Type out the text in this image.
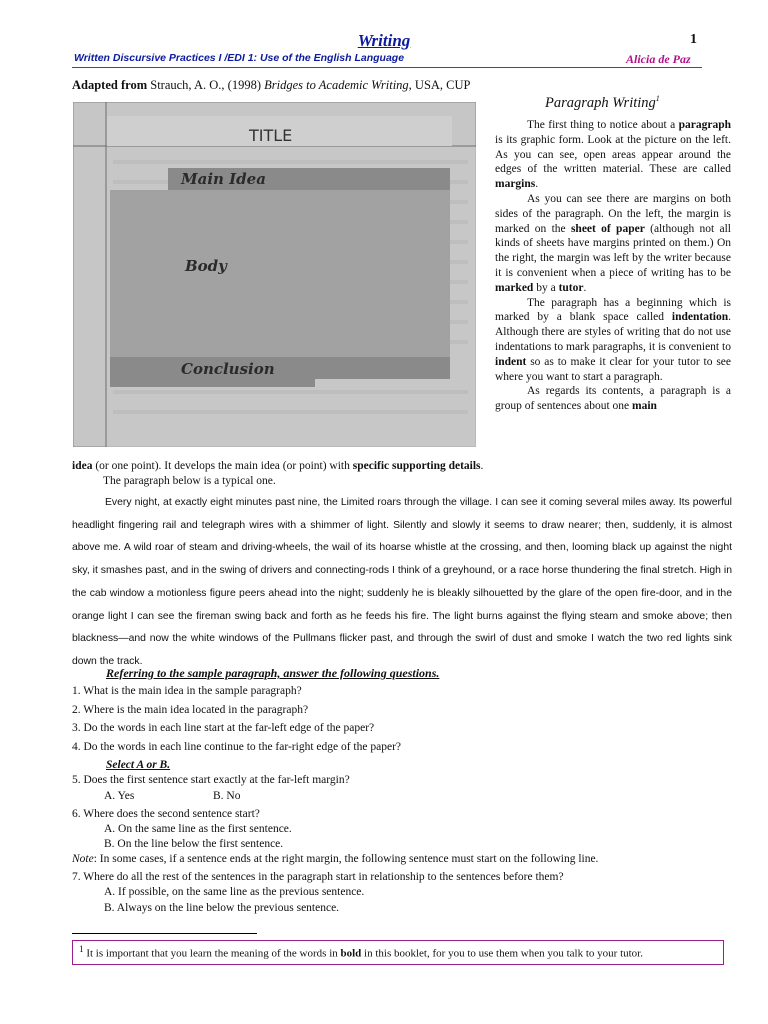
Writing	1
Written Discursive Practices I /EDI 1: Use of the English Language	Alicia de Paz
Adapted from Strauch, A. O., (1998) Bridges to Academic Writing, USA, CUP
TITLE
Main Idea
Body
Conclusion
Paragraph Writing$^1$

The first thing to notice about a paragraph is its graphic form. Look at the picture on the left. As you can see, open areas appear around the edges of the written material. These are called margins.

As you can see there are margins on both sides of the paragraph. On the left, the margin is marked on the sheet of paper (although not all kinds of sheets have margins printed on them.) On the right, the margin was left by the writer because it is convenient when a piece of writing has to be marked by a tutor.

The paragraph has a beginning which is marked by a blank space called indentation. Although there are styles of writing that do not use indentations to mark paragraphs, it is convenient to indent so as to make it clear for your tutor to see where you want to start a paragraph.

As regards its contents, a paragraph is a group of sentences about one main

idea (or one point). It develops the main idea (or point) with specific supporting details.
The paragraph below is a typical one.
Every night, at exactly eight minutes past nine, the Limited roars through the village. I can see it coming several miles away. Its powerful headlight fingering rail and telegraph wires with a shimmer of light. Silently and slowly it seems to draw nearer; then, suddenly, it is almost above me. A wild roar of steam and driving-wheels, the wail of its hoarse whistle at the crossing, and then, looming black up against the night sky, it smashes past, and in the swing of drivers and connecting-rods I think of a greyhound, or a race horse thundering the final stretch. High in the cab window a motionless figure peers ahead into the night; suddenly he is bleakly silhouetted by the glare of the open fire-door, and in the orange light I can see the fireman swing back and forth as he feeds his fire. The light burns against the flying steam and smoke above; then blackness—and now the white windows of the Pullmans flicker past, and through the swirl of dust and smoke I watch the two red lights sink down the track.
Referring to the sample paragraph, answer the following questions.
1. What is the main idea in the sample paragraph?
2. Where is the main idea located in the paragraph?
3. Do the words in each line start at the far-left edge of the paper?
4. Do the words in each line continue to the far-right edge of the paper?
Select A or B.
5. Does the first sentence start exactly at the far-left margin?
A. Yes	B. No
6. Where does the second sentence start?
A. On the same line as the first sentence.
B. On the line below the first sentence.
Note: In some cases, if a sentence ends at the right margin, the following sentence must start on the following line.
7. Where do all the rest of the sentences in the paragraph start in relationship to the sentences before them?
A. If possible, on the same line as the previous sentence.
B. Always on the line below the previous sentence.
$^1$ It is important that you learn the meaning of the words in bold in this booklet, for you to use them when you talk to your tutor.
